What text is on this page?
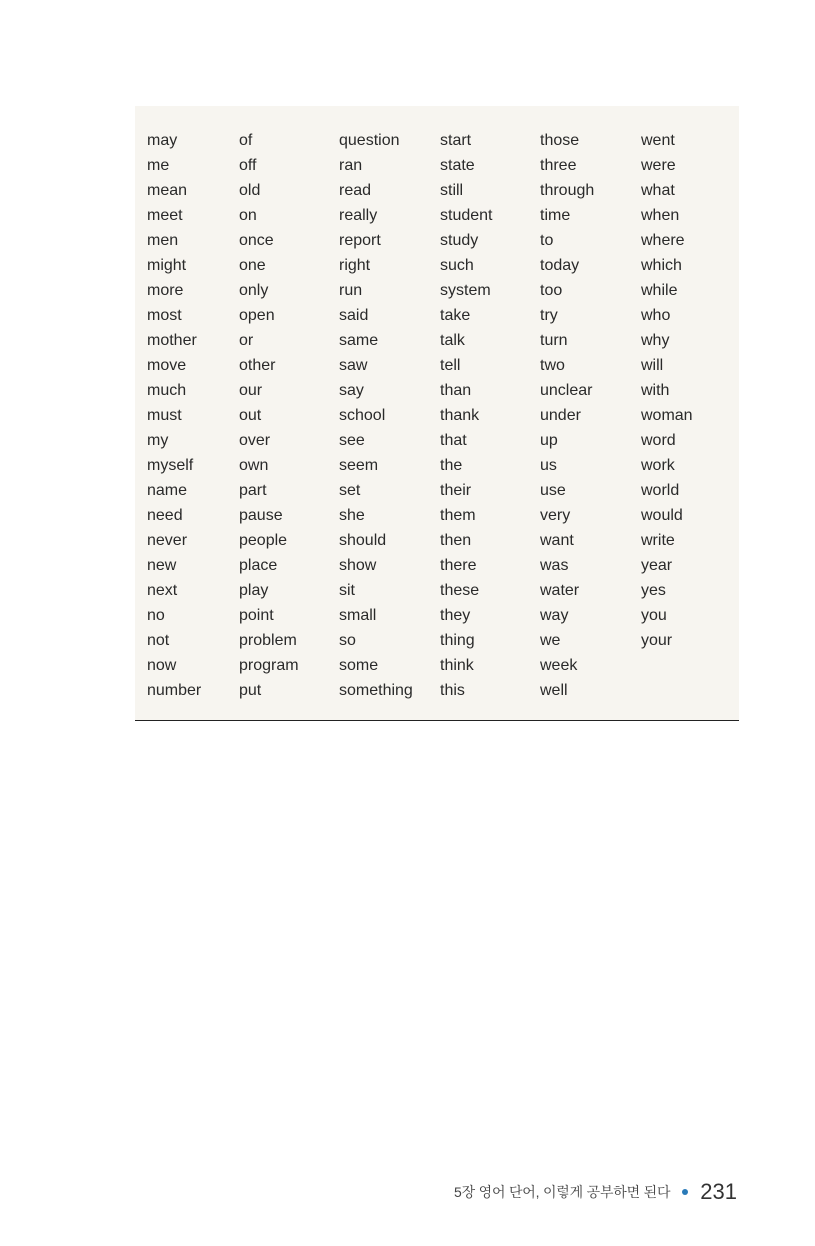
may
me
mean
meet
men
might
more
most
mother
move
much
must
my
myself
name
need
never
new
next
no
not
now
number
of
off
old
on
once
one
only
open
or
other
our
out
over
own
part
pause
people
place
play
point
problem
program
put
question
ran
read
really
report
right
run
said
same
saw
say
school
see
seem
set
she
should
show
sit
small
so
some
something
start
state
still
student
study
such
system
take
talk
tell
than
thank
that
the
their
them
then
there
these
they
thing
think
this
those
three
through
time
to
today
too
try
turn
two
unclear
under
up
us
use
very
want
was
water
way
we
week
well
went
were
what
when
where
which
while
who
why
will
with
woman
word
work
world
would
write
year
yes
you
your
5장 영어 단어, 이렇게 공부하면 된다 231
